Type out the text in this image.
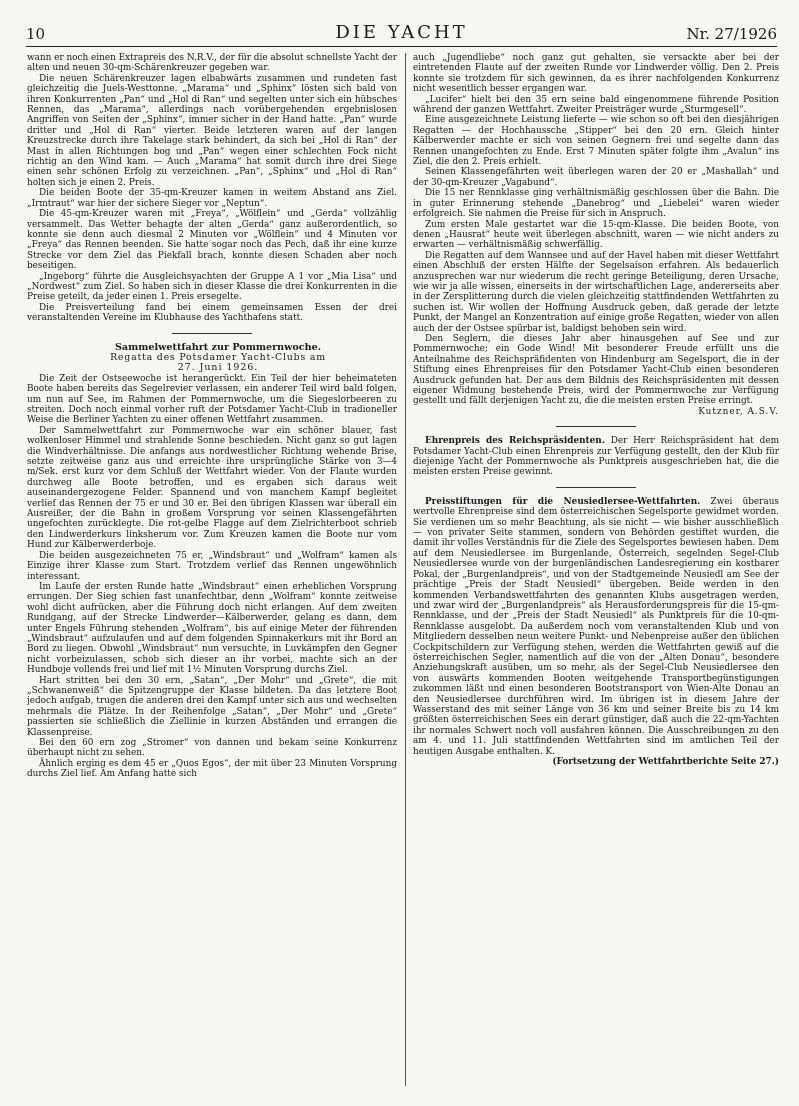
10	DIE YACHT	Nr. 27/1926

wann er noch einen Extrapreis des N.R.V., der für die absolut schnellste Yacht der alten und neuen 30-qm-Schärenkreuzer gegeben war.

Die neuen Schärenkreuzer lagen elbabwärts zusammen und rundeten fast gleichzeitig die Juels-Westtonne. „Marama“ und „Sphinx“ lösten sich bald von ihren Konkurrenten „Pan“ und „Hol di Ran“ und segelten unter sich ein hübsches Rennen, das „Marama“, allerdings nach vorübergehenden ergebnislosen Angriffen von Seiten der „Sphinx“, immer sicher in der Hand hatte. „Pan“ wurde dritter und „Hol di Ran“ vierter. Beide letzteren waren auf der langen Kreuzstrecke durch ihre Takelage stark behindert, da sich bei „Hol di Ran“ der Mast in allen Richtungen bog und „Pan“ wegen einer schlechten Fock nicht richtig an den Wind kam. — Auch „Marama“ hat somit durch ihre drei Siege einen sehr schönen Erfolg zu verzeichnen. „Pan“, „Sphinx“ und „Hol di Ran“ holten sich je einen 2. Preis.

Die beiden Boote der 35-qm-Kreuzer kamen in weitem Abstand ans Ziel. „Irmtraut“ war hier der sichere Sieger vor „Neptun“.

Die 45-qm-Kreuzer waren mit „Freya“, „Wölflein“ und „Gerda“ vollzählig versammelt. Das Wetter behagte der alten „Gerda“ ganz außerordentlich, so konnte sie denn auch diesmal 2 Minuten vor „Wölflein“ und 4 Minuten vor „Freya“ das Rennen beenden. Sie hatte sogar noch das Pech, daß ihr eine kurze Strecke vor dem Ziel das Piekfall brach, konnte diesen Schaden aber noch beseitigen.

„Ingeborg“ führte die Ausgleichsyachten der Gruppe A 1 vor „Mia Lisa“ und „Nordwest“ zum Ziel. So haben sich in dieser Klasse die drei Konkurrenten in die Preise geteilt, da jeder einen 1. Preis ersegelte.

Die Preisverteilung fand bei einem gemeinsamen Essen der drei veranstaltenden Vereine im Klubhause des Yachthafens statt.

Sammelwettfahrt zur Pommernwoche.

Regatta des Potsdamer Yacht-Clubs am

27. Juni 1926.

Die Zeit der Ostseewoche ist herangerückt. Ein Teil der hier beheimateten Boote haben bereits das Segelrevier verlassen, ein anderer Teil wird bald folgen, um nun auf See, im Rahmen der Pommernwoche, um die Siegeslorbeeren zu streiten. Doch noch einmal vorher ruft der Potsdamer Yacht-Club in tradioneller Weise die Berliner Yachten zu einer offenen Wettfahrt zusammen.

Der Sammelwettfahrt zur Pommernwoche war ein schöner blauer, fast wolkenloser Himmel und strahlende Sonne beschieden. Nicht ganz so gut lagen die Windverhältnisse. Die anfangs aus nordwestlicher Richtung wehende Brise, setzte zeitweise ganz aus und erreichte ihre ursprüngliche Stärke von 3—4 m/Sek. erst kurz vor dem Schluß der Wettfahrt wieder. Von der Flaute wurden durchweg alle Boote betroffen, und es ergaben sich daraus weit auseinandergezogene Felder. Spannend und von manchem Kampf begleitet verlief das Rennen der 75 er und 30 er. Bei den übrigen Klassen war überall ein Ausreißer, der die Bahn in großem Vorsprung vor seinen Klassengefährten ungefochten zurücklegte. Die rot-gelbe Flagge auf dem Zielrichterboot schrieb den Lindwerderkurs linksherum vor. Zum Kreuzen kamen die Boote nur vom Hund zur Kälberwerderboje.

Die beiden ausgezeichneten 75 er, „Windsbraut“ und „Wolfram“ kamen als Einzige ihrer Klasse zum Start. Trotzdem verlief das Rennen ungewöhnlich interessant.

Im Laufe der ersten Runde hatte „Windsbraut“ einen erheblichen Vorsprung errungen. Der Sieg schien fast unanfechtbar, denn „Wolfram“ konnte zeitweise wohl dicht aufrücken, aber die Führung doch nicht erlangen. Auf dem zweiten Rundgang, auf der Strecke Lindwerder—Kälberwerder, gelang es dann, dem unter Engels Führung stehenden „Wolfram“, bis auf einige Meter der führenden „Windsbraut“ aufzulaufen und auf dem folgenden Spinnakerkurs mit ihr Bord an Bord zu liegen. Obwohl „Windsbraut“ nun versuchte, in Luvkämpfen den Gegner nicht vorbeizulassen, schob sich dieser an ihr vorbei, machte sich an der Hundboje vollends frei und lief mit 1½ Minuten Vorsprung durchs Ziel.

Hart stritten bei den 30 ern, „Satan“, „Der Mohr“ und „Grete“, die mit „Schwanenweiß“ die Spitzengruppe der Klasse bildeten. Da das letztere Boot jedoch aufgab, trugen die anderen drei den Kampf unter sich aus und wechselten mehrmals die Plätze. In der Reihenfolge „Satan“, „Der Mohr“ und „Grete“ passierten sie schließlich die Ziellinie in kurzen Abständen und errangen die Klassenpreise.

Bei den 60 ern zog „Stromer“ von dannen und bekam seine Konkurrenz überhaupt nicht zu sehen.

Ähnlich erging es dem 45 er „Quos Egos“, der mit über 23 Minuten Vorsprung durchs Ziel lief. Am Anfang hatte sich

auch „Jugendliebe“ noch ganz gut gehalten, sie versackte aber bei der eintretenden Flaute auf der zweiten Runde vor Lindwerder völlig. Den 2. Preis konnte sie trotzdem für sich gewinnen, da es ihrer nachfolgenden Konkurrenz nicht wesentlich besser ergangen war.

„Lucifer“ hielt bei den 35 ern seine bald eingenommene führende Position während der ganzen Wettfahrt. Zweiter Preisträger wurde „Sturmgesell“.

Eine ausgezeichnete Leistung lieferte — wie schon so oft bei den diesjährigen Regatten — der Hochhaussche „Stipper“ bei den 20 ern. Gleich hinter Kälberwerder machte er sich von seinen Gegnern frei und segelte dann das Rennen unangefochten zu Ende. Erst 7 Minuten später folgte ihm „Avalun“ ins Ziel, die den 2. Preis erhielt.

Seinen Klassengefährten weit überlegen waren der 20 er „Mashallah“ und der 30-qm-Kreuzer „Vagabund“.

Die 15 ner Rennklasse ging verhältnismäßig geschlossen über die Bahn. Die in guter Erinnerung stehende „Danebrog“ und „Liebelei“ waren wieder erfolgreich. Sie nahmen die Preise für sich in Anspruch.

Zum ersten Male gestartet war die 15-qm-Klasse. Die beiden Boote, von denen „Hausrat“ heute weit überlegen abschnitt, waren — wie nicht anders zu erwarten — verhältnismäßig schwerfällig.

Die Regatten auf dem Wannsee und auf der Havel haben mit dieser Wettfahrt einen Abschluß der ersten Hälfte der Segelsaison erfahren. Als bedauerlich anzusprechen war nur wiederum die recht geringe Beteiligung, deren Ursache, wie wir ja alle wissen, einerseits in der wirtschaftlichen Lage, andererseits aber in der Zersplitterung durch die vielen gleichzeitig stattfindenden Wettfahrten zu suchen ist. Wir wollen der Hoffnung Ausdruck geben, daß gerade der letzte Punkt, der Mangel an Konzentration auf einige große Regatten, wieder von allen auch der der Ostsee spürbar ist, baldigst behoben sein wird.

Den Seglern, die dieses Jahr aber hinausgehen auf See und zur Pommernwoche; ein Gode Wind! Mit besonderer Freude erfüllt uns die Anteilnahme des Reichspräfidenten von Hindenburg am Segelsport, die in der Stiftung eines Ehrenpreises für den Potsdamer Yacht-Club einen besonderen Ausdruck gefunden hat. Der aus dem Bildnis des Reichspräsidenten mit dessen eigener Widmung bestehende Preis, wird der Pommernwoche zur Verfügung gestellt und fällt derjenigen Yacht zu, die die meisten ersten Preise erringt.

Kutzner, A.S.V.

Ehrenpreis des Reichspräsidenten. Der Herr Reichspräsident hat dem Potsdamer Yacht-Club einen Ehrenpreis zur Verfügung gestellt, den der Klub für diejenige Yacht der Pommernwoche als Punktpreis ausgeschrieben hat, die die meisten ersten Preise gewinnt.

Preisstiftungen für die Neusiedlersee-Wettfahrten. Zwei überaus wertvolle Ehrenpreise sind dem österreichischen Segelsporte gewidmet worden. Sie verdienen um so mehr Beachtung, als sie nicht — wie bisher ausschließlich — von privater Seite stammen, sondern von Behörden gestiftet wurden, die damit ihr volles Verständnis für die Ziele des Segelsportes bewiesen haben. Dem auf dem Neusiedlersee im Burgenlande, Österreich, segelnden Segel-Club Neusiedlersee wurde von der burgenländischen Landesregierung ein kostbarer Pokal, der „Burgenlandpreis“, und von der Stadtgemeinde Neusiedl am See der prächtige „Preis der Stadt Neusiedl“ übergeben. Beide werden in den kommenden Verbandswettfahrten des genannten Klubs ausgetragen werden, und zwar wird der „Burgenlandpreis“ als Herausforderungspreis für die 15-qm-Rennklasse, und der „Preis der Stadt Neusiedl“ als Punktpreis für die 10-qm-Rennklasse ausgelobt. Da außerdem noch vom veranstaltenden Klub und von Mitgliedern desselben neun weitere Punkt- und Nebenpreise außer den üblichen Cockpitschildern zur Verfügung stehen, werden die Wettfahrten gewiß auf die österreichischen Segler, namentlich auf die von der „Alten Donau“, besondere Anziehungskraft ausüben, um so mehr, als der Segel-Club Neusiedlersee den von auswärts kommenden Booten weitgehende Transportbegünstigungen zukommen läßt und einen besonderen Bootstransport von Wien-Alte Donau an den Neusiedlersee durchführen wird. Im übrigen ist in diesem Jahre der Wasserstand des mit seiner Länge von 36 km und seiner Breite bis zu 14 km größten österreichischen Sees ein derart günstiger, daß auch die 22-qm-Yachten ihr normales Schwert noch voll ausfahren können. Die Ausschreibungen zu den am 4. und 11. Juli stattfindenden Wettfahrten sind im amtlichen Teil der heutigen Ausgabe enthalten. K.

(Fortsetzung der Wettfahrtberichte Seite 27.)
